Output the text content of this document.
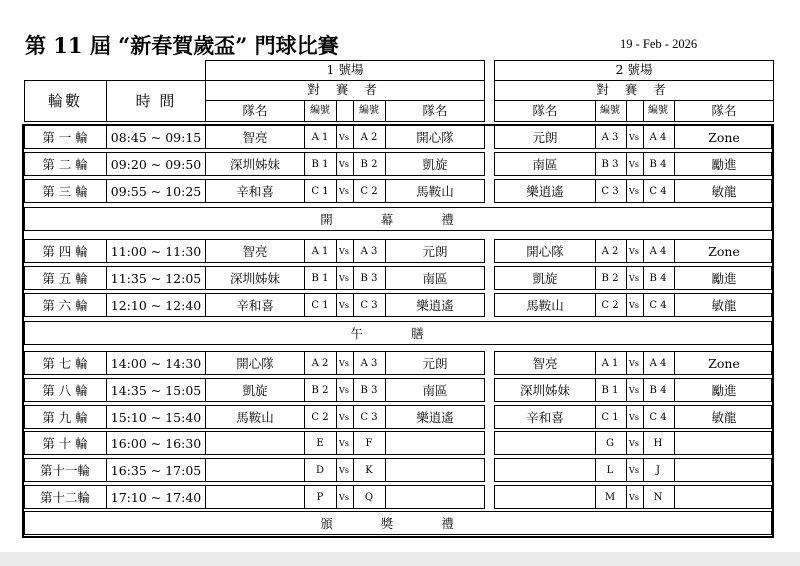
第 11 屆 “新春賀歲盃” 門球比賽	19 - Feb - 2026
輪數	時 間
1 號場	2 號場
對 賽 者	對 賽 者
隊名	編號	編號	隊名	隊名	編號	編號	隊名
第 一 輪 08:45 ~ 09:15	智亮	A 1 Vs A 2	開心隊	元朗	A 3 Vs A 4	Zone
第 二 輪 09:20 ~ 09:50 深圳姊妹	B 1 Vs B 2	凱旋	南區	B 3 Vs B 4	勵進
第 三 輪 09:55 ~ 10:25	辛和喜	C 1 Vs C 2	馬鞍山	樂逍遙	C 3 Vs C 4	敏龍
開 幕 禮
第 四 輪 11:00 ~ 11:30	智亮	A 1 Vs A 3	元朗	開心隊	A 2 Vs A 4	Zone
第 五 輪 11:35 ~ 12:05 深圳姊妹	B 1 Vs B 3	南區	凱旋	B 2 Vs B 4	勵進
第 六 輪 12:10 ~ 12:40	辛和喜	C 1 Vs C 3	樂逍遙	馬鞍山	C 2 Vs C 4	敏龍
午 膳
第 七 輪 14:00 ~ 14:30	開心隊	A 2 Vs A 3	元朗	智亮	A 1 Vs A 4	Zone
第 八 輪 14:35 ~ 15:05	凱旋	B 2 Vs B 3	南區	深圳姊妹	B 1 Vs B 4	勵進
第 九 輪 15:10 ~ 15:40	馬鞍山	C 2 Vs C 3	樂逍遙	辛和喜	C 1 Vs C 4	敏龍
第 十 輪 16:00 ~ 16:30	E Vs F	G Vs H
第十一輪 16:35 ~ 17:05	D Vs K	L Vs J
第十二輪 17:10 ~ 17:40	P Vs Q	M Vs N
頒 獎 禮
